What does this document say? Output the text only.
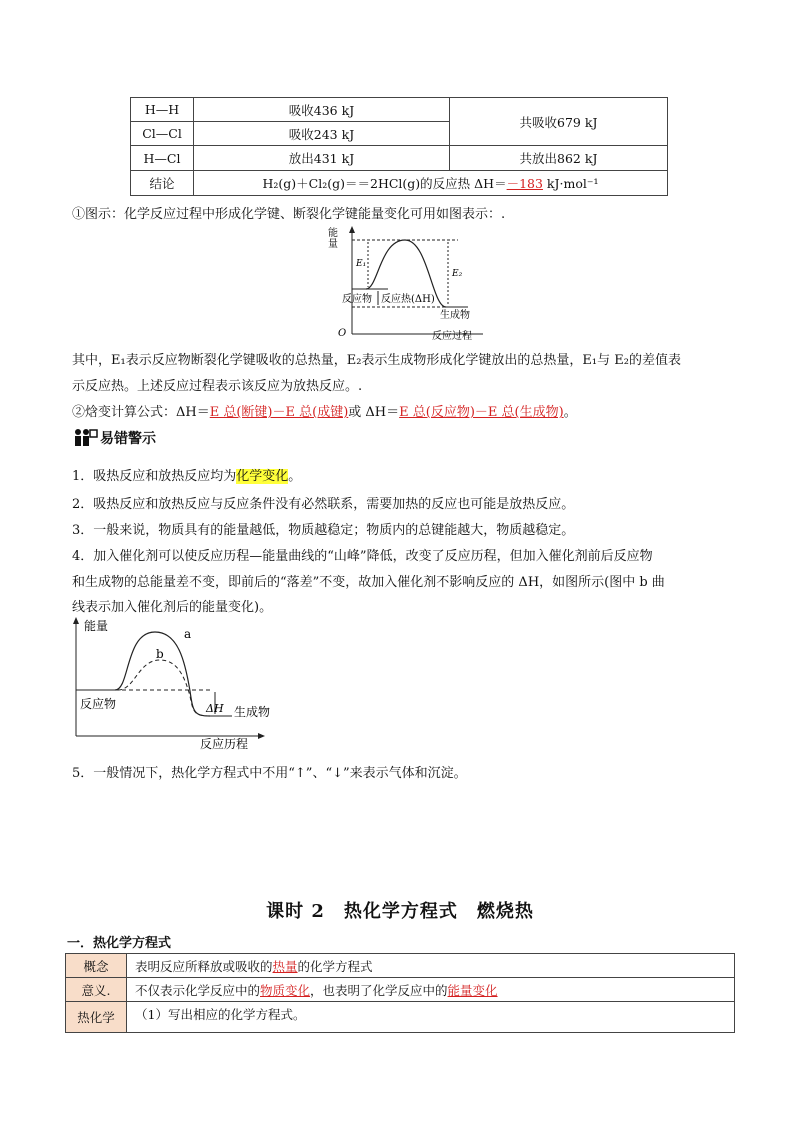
H—H	吸收436 kJ	共吸收679 kJ
Cl—Cl	吸收243 kJ	
H—Cl	放出431 kJ	共放出862 kJ
结论	H₂(g)＋Cl₂(g)＝＝2HCl(g)的反应热 ΔH＝－183 kJ·mol⁻¹	
①图示：化学反应过程中形成化学键、断裂化学键能量变化可用如图表示：.
能
量
E₁
E₂
反应物 反应热(ΔH)
生成物
反应过程
O
其中，E₁表示反应物断裂化学键吸收的总热量，E₂表示生成物形成化学键放出的总热量，E₁与 E₂的差值表
示反应热。上述反应过程表示该反应为放热反应。.
②焓变计算公式：ΔH＝E 总(断键)－E 总(成键)或 ΔH＝E 总(反应物)－E 总(生成物)。
易错警示
1．吸热反应和放热反应均为化学变化。
2．吸热反应和放热反应与反应条件没有必然联系，需要加热的反应也可能是放热反应。
3．一般来说，物质具有的能量越低，物质越稳定；物质内的总键能越大，物质越稳定。
4．加入催化剂可以使反应历程—能量曲线的“山峰”降低，改变了反应历程，但加入催化剂前后反应物
和生成物的总能量差不变，即前后的“落差”不变，故加入催化剂不影响反应的 ΔH，如图所示(图中 b 曲
线表示加入催化剂后的能量变化)。
能量
a
b
反应物	ΔH 生成物
反应历程
5．一般情况下，热化学方程式中不用“↑”、“↓”来表示气体和沉淀。
课时 2　热化学方程式　燃烧热
一．热化学方程式
概念	表明反应所释放或吸收的热量的化学方程式
意义.	不仅表示化学反应中的物质变化，也表明了化学反应中的能量变化
热化学	（1）写出相应的化学方程式。
